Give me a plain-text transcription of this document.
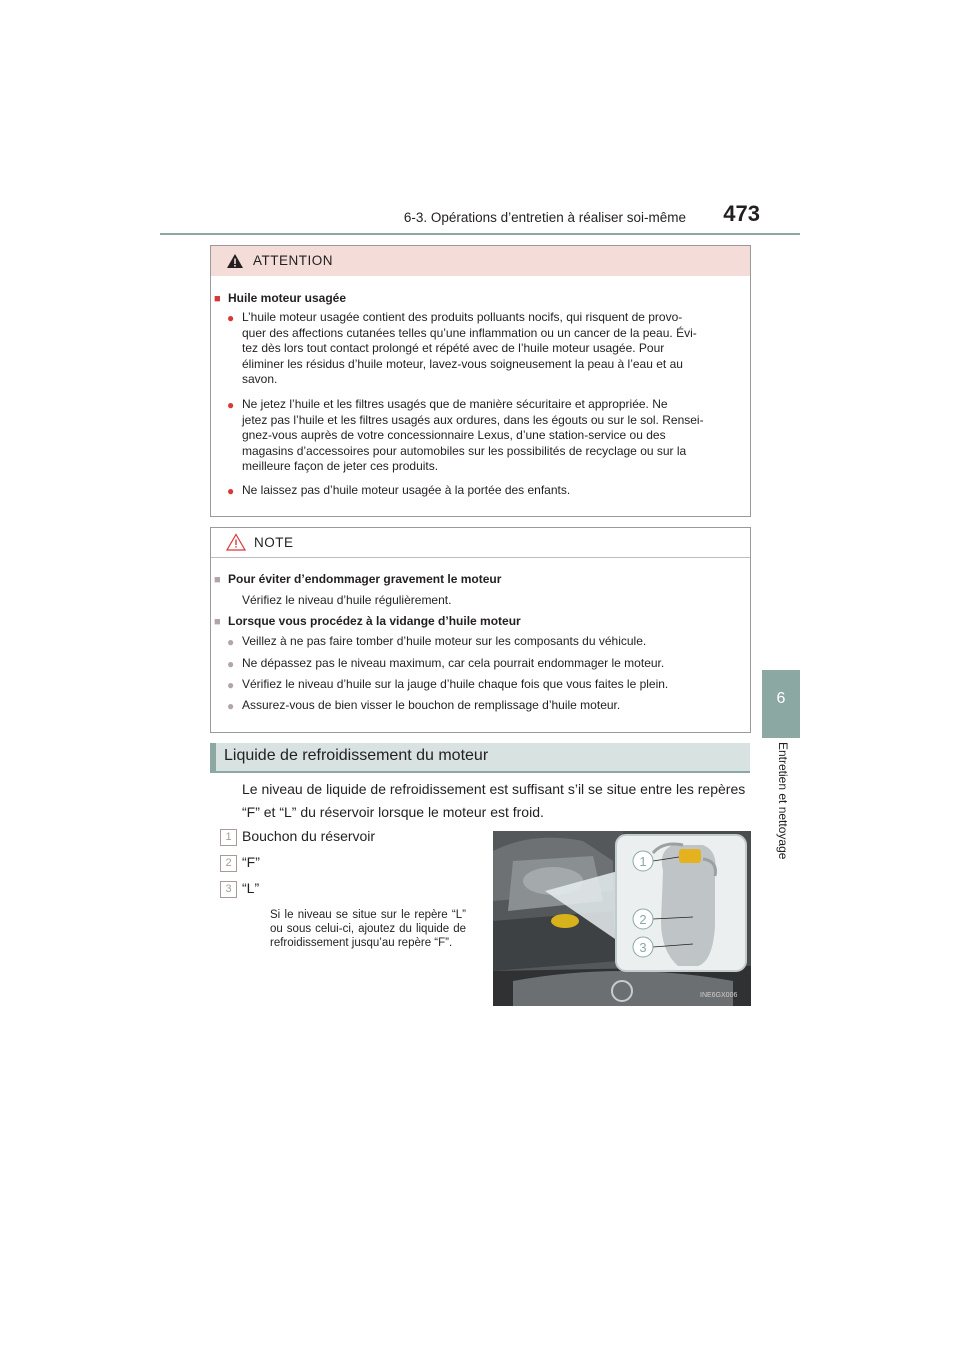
6-3. Opérations d’entretien à réaliser soi-même	473
6
Entretien et nettoyage
ATTENTION
■ Huile moteur usagée
● L’huile moteur usagée contient des produits polluants nocifs, qui risquent de provo-
quer des affections cutanées telles qu’une inflammation ou un cancer de la peau. Évi-
tez dès lors tout contact prolongé et répété avec de l’huile moteur usagée. Pour
éliminer les résidus d’huile moteur, lavez-vous soigneusement la peau à l’eau et au
savon.
● Ne jetez l’huile et les filtres usagés que de manière sécuritaire et appropriée. Ne
jetez pas l’huile et les filtres usagés aux ordures, dans les égouts ou sur le sol. Rensei-
gnez-vous auprès de votre concessionnaire Lexus, d’une station-service ou des
magasins d’accessoires pour automobiles sur les possibilités de recyclage ou sur la
meilleure façon de jeter ces produits.
● Ne laissez pas d’huile moteur usagée à la portée des enfants.
NOTE
■ Pour éviter d’endommager gravement le moteur
Vérifiez le niveau d’huile régulièrement.
■ Lorsque vous procédez à la vidange d’huile moteur
● Veillez à ne pas faire tomber d’huile moteur sur les composants du véhicule.
● Ne dépassez pas le niveau maximum, car cela pourrait endommager le moteur.
● Vérifiez le niveau d’huile sur la jauge d’huile chaque fois que vous faites le plein.
● Assurez-vous de bien visser le bouchon de remplissage d’huile moteur.
Liquide de refroidissement du moteur
Le niveau de liquide de refroidissement est suffisant s’il se situe entre les repères
“F” et “L” du réservoir lorsque le moteur est froid.
1 Bouchon du réservoir
2 “F”
3 “L”
Si le niveau se situe sur le repère “L” ou sous celui-ci, ajoutez du liquide de refroidissement jusqu’au repère “F”.
1
2
3
INE6GX006
